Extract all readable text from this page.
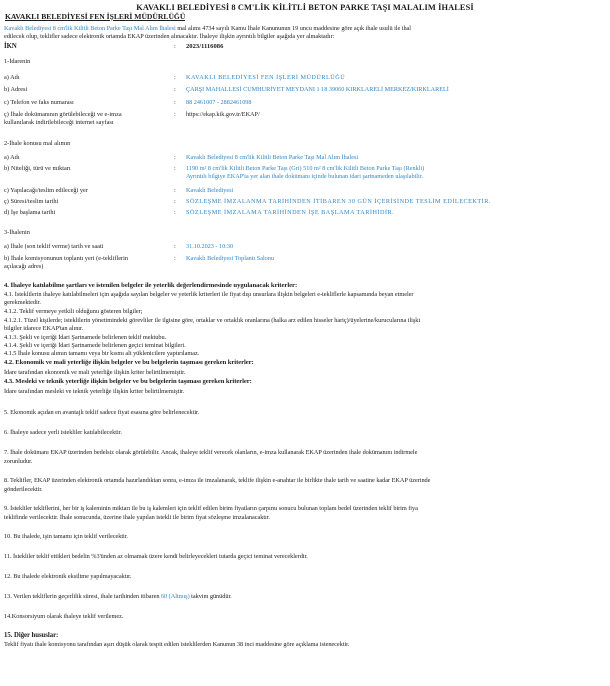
KAVAKLI BELEDİYESİ 8 CM'LİK KİLİTLİ BETON PARKE TAŞI MALALIM İHALESİ
KAVAKLI BELEDİYESİ FEN İŞLERİ MÜDÜRLÜĞÜ
Kavaklı Belediyesi 8 cm'lik Kilitli Beton Parke Taşı Mal Alım İhalesi mal alımı 4734 sayılı Kamu İhale Kanununun 19 uncu maddesine göre açık ihale usulü ile ihal
edilecek olup, teklifler sadece elektronik ortamda EKAP üzerinden alınacaktır. İhaleye ilişkin ayrıntılı bilgiler aşağıda yer almaktadır:
İKN	: 2023/1116086
1-İdarenin
a) Adı	: KAVAKLI BELEDİYESİ FEN İŞLERİ MÜDÜRLÜĞÜ
b) Adresi	: ÇARŞI MAHALLESİ CUMHURİYET MEYDANI 1 18 39060 KIRKLARELİ MERKEZ/KIRKLARELİ
c) Telefon ve faks numarası	: 88 2461007 - 2882461098
ç) İhale dokümanının görülebileceği ve e-imza
kullanılarak indirilebileceği internet sayfası
: https://ekap.kik.gov.tr/EKAP/
2-İhale konusu mal alımın
a) Adı	: Kavaklı Belediyesi 8 cm'lik Kilitli Beton Parke Taşı Mal Alım İhalesi
b) Niteliği, türü ve miktarı	: 1190 m² 8 cm'lik Kilitli Beton Parke Taşı (Gri) 510 m² 8 cm'lik Kilitli Beton Parke Taşı (Renkli)
Ayrıntılı bilgiye EKAP'ta yer alan ihale dokümanı içinde bulunan idari şartnameden ulaşılabilir.
c) Yapılacağı/teslim edileceği yer	: Kavaklı Belediyesi
ç) Süresi/teslim tarihi	: SÖZLEŞME İMZALANMA TARİHİNDEN İTİBAREN 30 GÜN İÇERİSİNDE TESLİM EDİLECEKTİR.
d) İşe başlama tarihi	: SÖZLEŞME İMZALAMA TARİHİNDEN İŞE BAŞLAMA TARİHİDİR.
3-İhalenin
a) İhale (son teklif verme) tarih ve saati	: 31.10.2023 - 10:30
b) İhale komisyonunun toplantı yeri (e-tekliflerin
açılacağı adres)
: Kavaklı Belediyesi Toplantı Salonu
4. İhaleye katılabilme şartları ve istenilen belgeler ile yeterlik değerlendirmesinde uygulanacak kriterler:
4.1. İsteklilerin ihaleye katılabilmeleri için aşağıda sayılan belgeler ve yeterlik kriterleri ile fiyat dışı unsurlara ilişkin belgeleri e-tekliflerle kapsamında beyan etmeler
gerekmektedir.
4.1.2. Teklif vermeye yetkili olduğunu gösteren bilgiler;
4.1.2.1. Tüzel kişilerde; isteklilerin yönetimindeki görevliler ile ilgisine göre, ortaklar ve ortaklık oranlarına (halka arz edilen hisseler hariç)/üyelerine/kurucularına ilişki
bilgiler idarece EKAP'tan alınır.
4.1.3. Şekli ve içeriği İdari Şartnamede belirlenen teklif mektubu.
4.1.4. Şekli ve içeriği İdari Şartnamede belirlenen geçici teminat bilgileri.
4.1.5 İhale konusu alımın tamamı veya bir kısmı alt yüklenicilere yaptırılamaz.
4.2. Ekonomik ve mali yeterliğe ilişkin belgeler ve bu belgelerin taşıması gereken kriterler:
İdare tarafından ekonomik ve mali yeterliğe ilişkin kriter belirtilmemiştir.
4.3. Mesleki ve teknik yeterliğe ilişkin belgeler ve bu belgelerin taşıması gereken kriterler:
İdare tarafından mesleki ve teknik yeterliğe ilişkin kriter belirtilmemiştir.
5. Ekonomik açıdan en avantajlı teklif sadece fiyat esasına göre belirlenecektir.
6. İhaleye sadece yerli istekliler katılabilecektir.
7. İhale dokümanı EKAP üzerinden bedelsiz olarak görülebilir. Ancak, ihaleye teklif verecek olanların, e-imza kullanarak EKAP üzerinden ihale dokümanını indirmele
zorunludur.
8. Teklifler, EKAP üzerinden elektronik ortamda hazırlandıktan sonra, e-imza ile imzalanarak, teklife ilişkin e-anahtar ile birlikte ihale tarih ve saatine kadar EKAP üzerinde
gönderilecektir.
9. İstekliler tekliflerini, her bir iş kaleminin miktarı ile bu iş kalemleri için teklif edilen birim fiyatların çarpımı sonucu bulunan toplam bedel üzerinden teklif birim fiya
teklifinde verilecektir. İhale sonucunda, üzerine ihale yapılan istekli ile birim fiyat sözleşme imzalanacaktır.
10. Bu ihalede, işin tamamı için teklif verilecektir.
11. İstekliler teklif ettikleri bedelin %3'ünden az olmamak üzere kendi belirleyecekleri tutarda geçici teminat vereceklerdir.
12. Bu ihalede elektronik eksiltme yapılmayacaktır.
13. Verilen tekliflerin geçerlilik süresi, ihale tarihinden itibaren 60 (Altmış) takvim günüdür.
14.Konsorsiyum olarak ihaleye teklif verilemez.
15. Diğer hususlar:
Teklif fiyatı ihale komisyonu tarafından aşırı düşük olarak tespit edilen isteklilerden Kanunun 38 inci maddesine göre açıklama istenecektir.
